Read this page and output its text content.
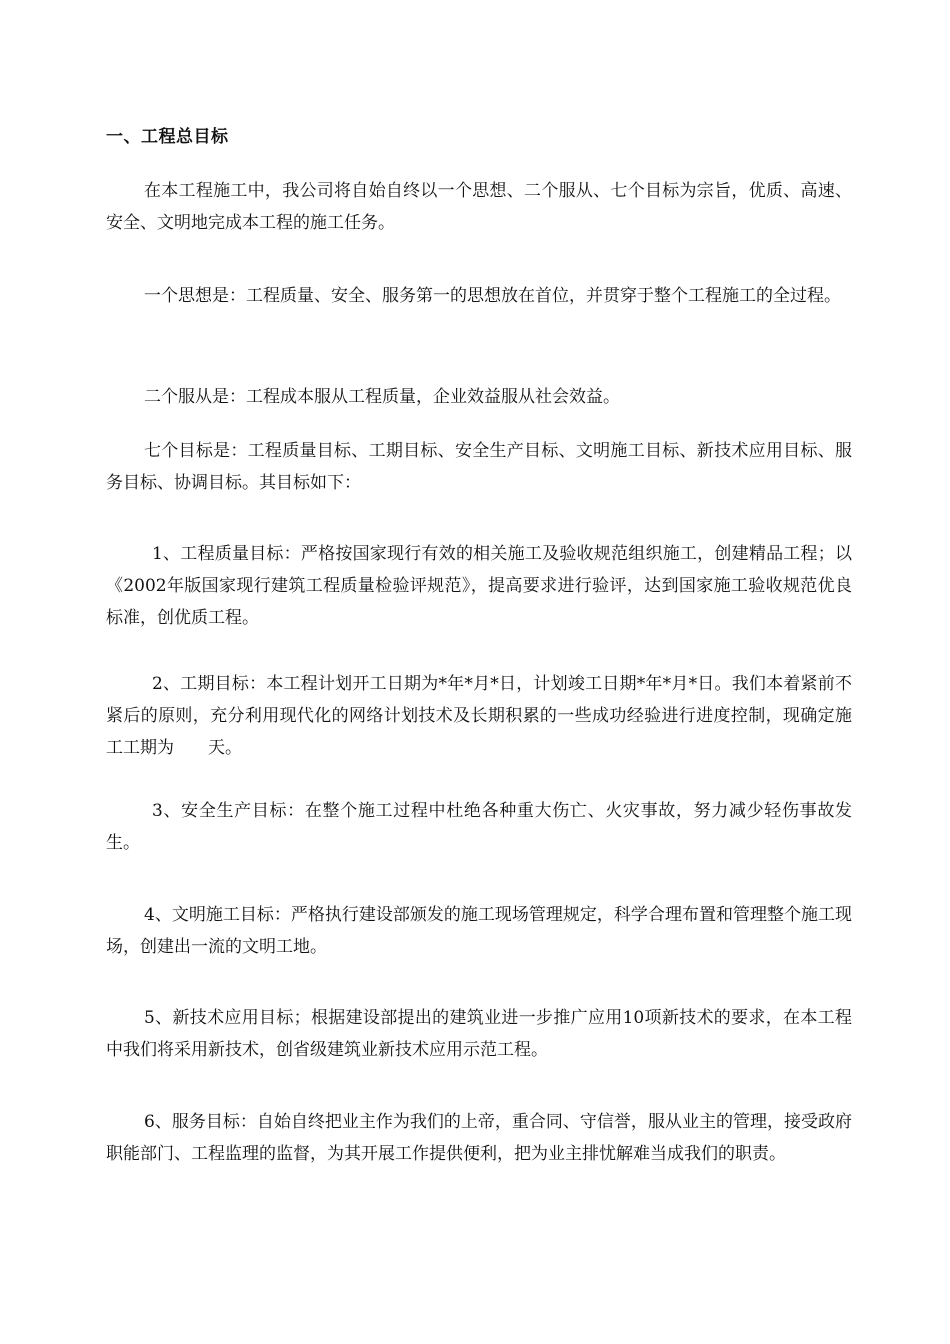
一、工程总目标

在本工程施工中，我公司将自始自终以一个思想、二个服从、七个目标为宗旨，优质、高速、安全、文明地完成本工程的施工任务。

一个思想是：工程质量、安全、服务第一的思想放在首位，并贯穿于整个工程施工的全过程。

二个服从是：工程成本服从工程质量，企业效益服从社会效益。

七个目标是：工程质量目标、工期目标、安全生产目标、文明施工目标、新技术应用目标、服务目标、协调目标。其目标如下：

1、工程质量目标：严格按国家现行有效的相关施工及验收规范组织施工，创建精品工程；以《2002年版国家现行建筑工程质量检验评规范》，提高要求进行验评，达到国家施工验收规范优良标准，创优质工程。

2、工期目标：本工程计划开工日期为*年*月*日，计划竣工日期*年*月*日。我们本着紧前不紧后的原则，充分利用现代化的网络计划技术及长期积累的一些成功经验进行进度控制，现确定施工工期为　　天。

3、安全生产目标：在整个施工过程中杜绝各种重大伤亡、火灾事故，努力减少轻伤事故发生。

4、文明施工目标：严格执行建设部颁发的施工现场管理规定，科学合理布置和管理整个施工现场，创建出一流的文明工地。

5、新技术应用目标；根据建设部提出的建筑业进一步推广应用10项新技术的要求，在本工程中我们将采用新技术，创省级建筑业新技术应用示范工程。

6、服务目标：自始自终把业主作为我们的上帝，重合同、守信誉，服从业主的管理，接受政府职能部门、工程监理的监督，为其开展工作提供便利，把为业主排忧解难当成我们的职责。
